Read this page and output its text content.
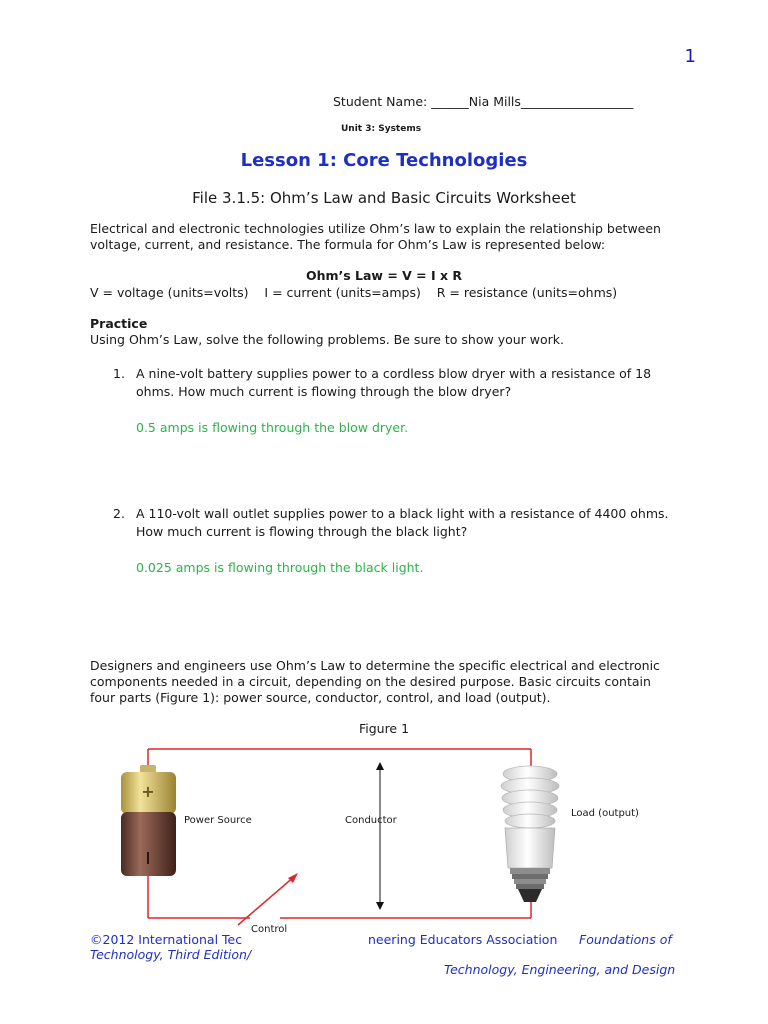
1
Student Name: ______Nia Mills__________________
Unit 3: Systems
Lesson 1: Core Technologies
File 3.1.5: Ohm’s Law and Basic Circuits Worksheet
Electrical and electronic technologies utilize Ohm’s law to explain the relationship between
voltage, current, and resistance. The formula for Ohm’s Law is represented below:
Ohm’s Law = V = I x R
V = voltage (units=volts)    I = current (units=amps)    R = resistance (units=ohms)
Practice
Using Ohm’s Law, solve the following problems. Be sure to show your work.
1. A nine-volt battery supplies power to a cordless blow dryer with a resistance of 18
ohms. How much current is flowing through the blow dryer?
0.5 amps is flowing through the blow dryer.
2. A 110-volt wall outlet supplies power to a black light with a resistance of 4400 ohms.
How much current is flowing through the black light?
0.025 amps is flowing through the black light.
Designers and engineers use Ohm’s Law to determine the specific electrical and electronic
components needed in a circuit, depending on the desired purpose. Basic circuits contain
four parts (Figure 1): power source, conductor, control, and load (output).
Figure 1
+
Power Source	Conductor
Load (output)
Control
©2012 International Tec	neering Educators Association
Technology, Third Edition/
Foundations of
Technology, Engineering, and Design
